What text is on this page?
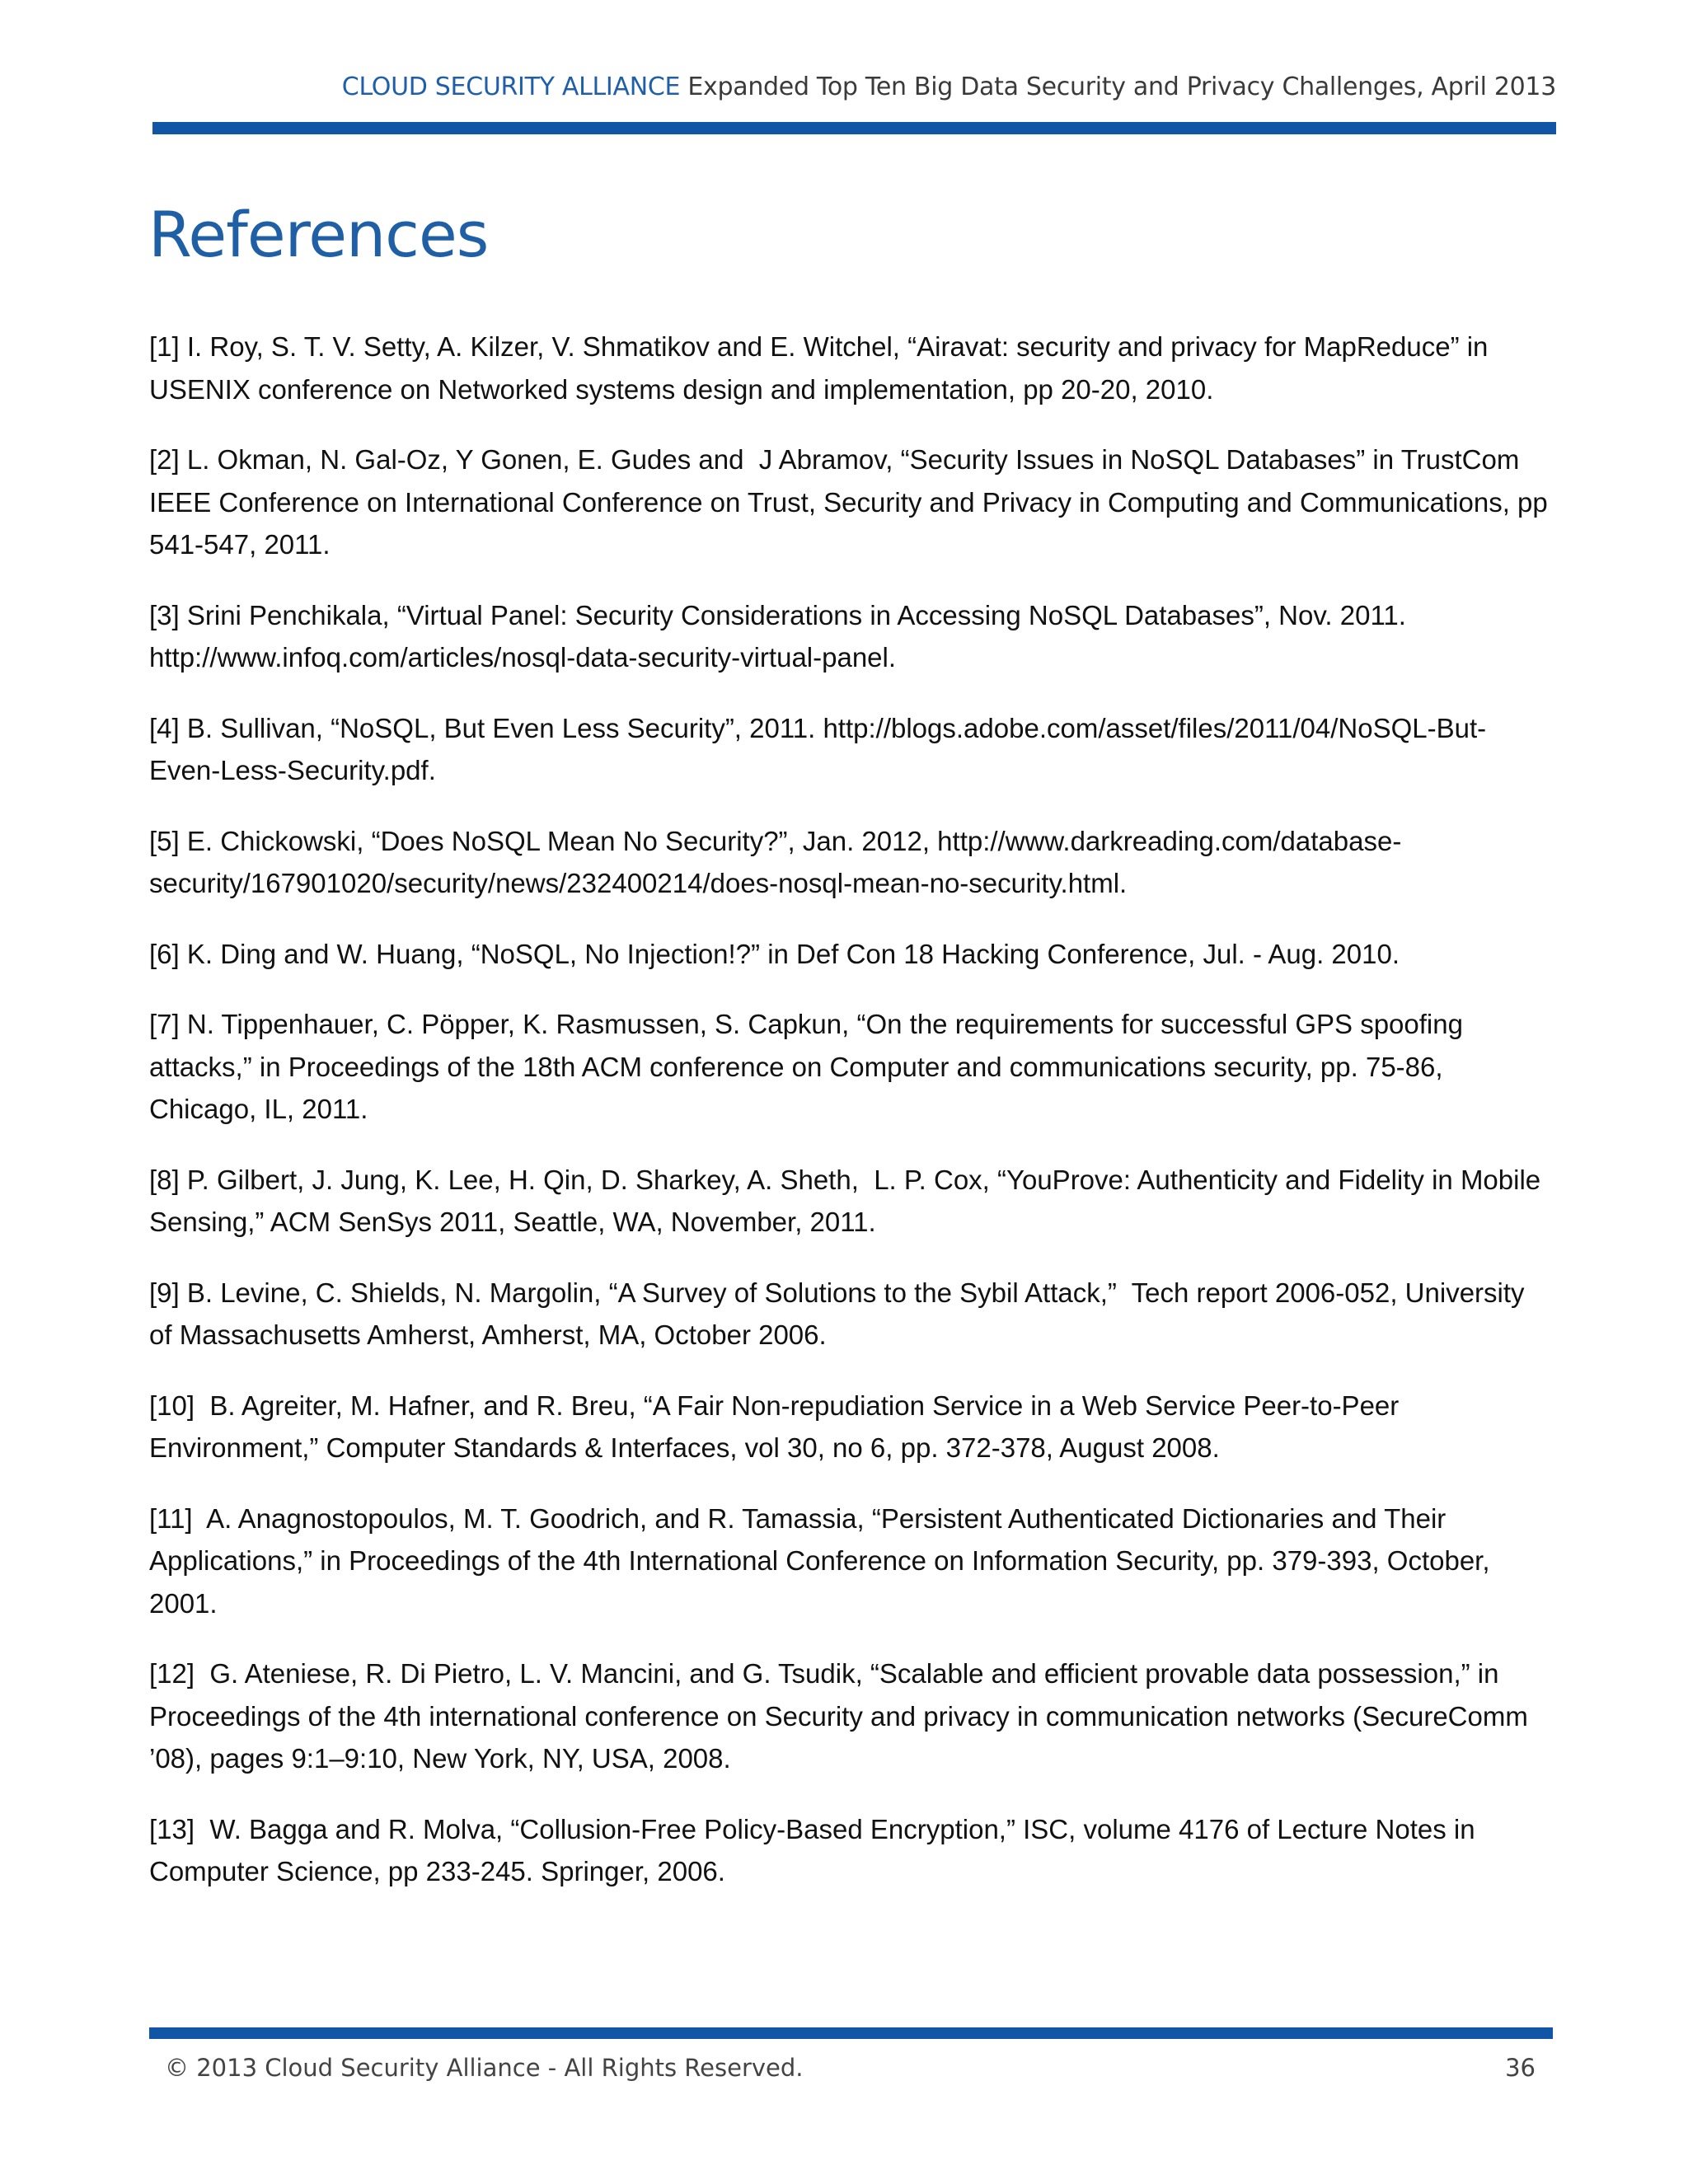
CLOUD SECURITY ALLIANCE Expanded Top Ten Big Data Security and Privacy Challenges, April 2013
References
[1] I. Roy, S. T. V. Setty, A. Kilzer, V. Shmatikov and E. Witchel, “Airavat: security and privacy for MapReduce” in USENIX conference on Networked systems design and implementation, pp 20-20, 2010.
[2] L. Okman, N. Gal-Oz, Y Gonen, E. Gudes and  J Abramov, “Security Issues in NoSQL Databases” in TrustCom IEEE Conference on International Conference on Trust, Security and Privacy in Computing and Communications, pp 541-547, 2011.
[3] Srini Penchikala, “Virtual Panel: Security Considerations in Accessing NoSQL Databases”, Nov. 2011. http://www.infoq.com/articles/nosql-data-security-virtual-panel.
[4] B. Sullivan, “NoSQL, But Even Less Security”, 2011. http://blogs.adobe.com/asset/files/2011/04/NoSQL-But-Even-Less-Security.pdf.
[5] E. Chickowski, “Does NoSQL Mean No Security?”, Jan. 2012, http://www.darkreading.com/database-security/167901020/security/news/232400214/does-nosql-mean-no-security.html.
[6] K. Ding and W. Huang, “NoSQL, No Injection!?” in Def Con 18 Hacking Conference, Jul. - Aug. 2010.
[7] N. Tippenhauer, C. Pöpper, K. Rasmussen, S. Capkun, “On the requirements for successful GPS spoofing attacks,” in Proceedings of the 18th ACM conference on Computer and communications security, pp. 75-86, Chicago, IL, 2011.
[8] P. Gilbert, J. Jung, K. Lee, H. Qin, D. Sharkey, A. Sheth,  L. P. Cox, “YouProve: Authenticity and Fidelity in Mobile Sensing,” ACM SenSys 2011, Seattle, WA, November, 2011.
[9] B. Levine, C. Shields, N. Margolin, “A Survey of Solutions to the Sybil Attack,”  Tech report 2006-052, University of Massachusetts Amherst, Amherst, MA, October 2006.
[10]  B. Agreiter, M. Hafner, and R. Breu, “A Fair Non-repudiation Service in a Web Service Peer-to-Peer Environment,” Computer Standards & Interfaces, vol 30, no 6, pp. 372-378, August 2008.
[11]  A. Anagnostopoulos, M. T. Goodrich, and R. Tamassia, “Persistent Authenticated Dictionaries and Their Applications,” in Proceedings of the 4th International Conference on Information Security, pp. 379-393, October, 2001.
[12]  G. Ateniese, R. Di Pietro, L. V. Mancini, and G. Tsudik, “Scalable and efficient provable data possession,” in Proceedings of the 4th international conference on Security and privacy in communication networks (SecureComm ’08), pages 9:1–9:10, New York, NY, USA, 2008.
[13]  W. Bagga and R. Molva, “Collusion-Free Policy-Based Encryption,” ISC, volume 4176 of Lecture Notes in Computer Science, pp 233-245. Springer, 2006.
© 2013 Cloud Security Alliance - All Rights Reserved.	36
